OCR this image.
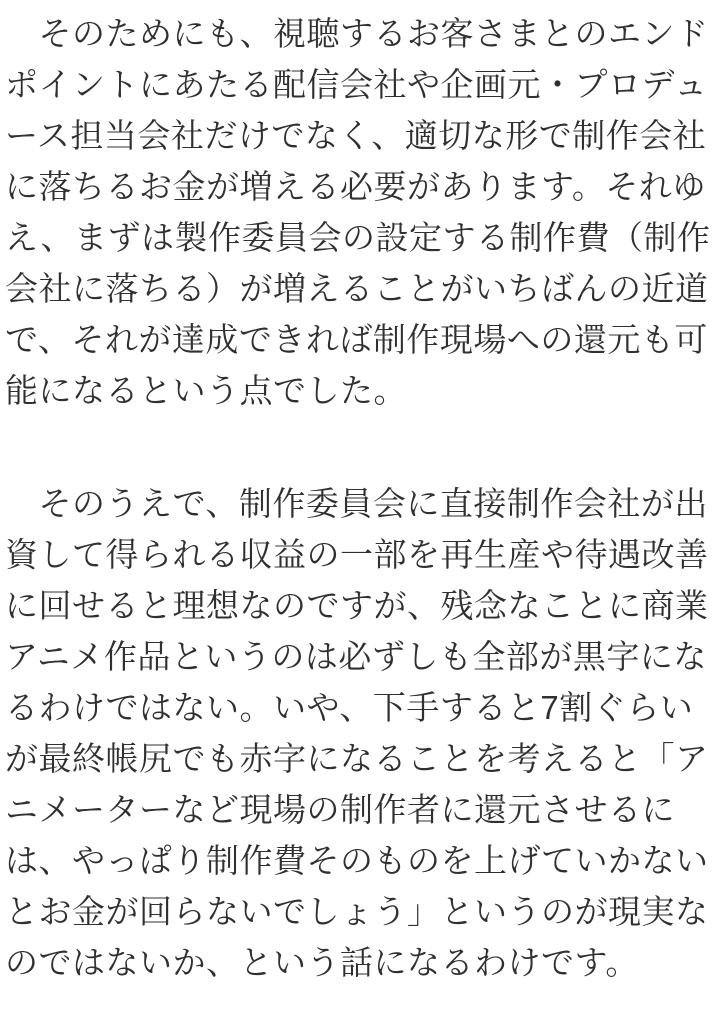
　そのためにも、視聴するお客さまとのエンド
ポイントにあたる配信会社や企画元・プロデュ
ース担当会社だけでなく、適切な形で制作会社
に落ちるお金が増える必要があります。それゆ
え、まずは製作委員会の設定する制作費（制作
会社に落ちる）が増えることがいちばんの近道
で、それが達成できれば制作現場への還元も可
能になるという点でした。

　そのうえで、制作委員会に直接制作会社が出
資して得られる収益の一部を再生産や待遇改善
に回せると理想なのですが、残念なことに商業
アニメ作品というのは必ずしも全部が黒字にな
るわけではない。いや、下手すると7割ぐらい
が最終帳尻でも赤字になることを考えると「ア
ニメーターなど現場の制作者に還元させるに
は、やっぱり制作費そのものを上げていかない
とお金が回らないでしょう」というのが現実な
のではないか、という話になるわけです。
